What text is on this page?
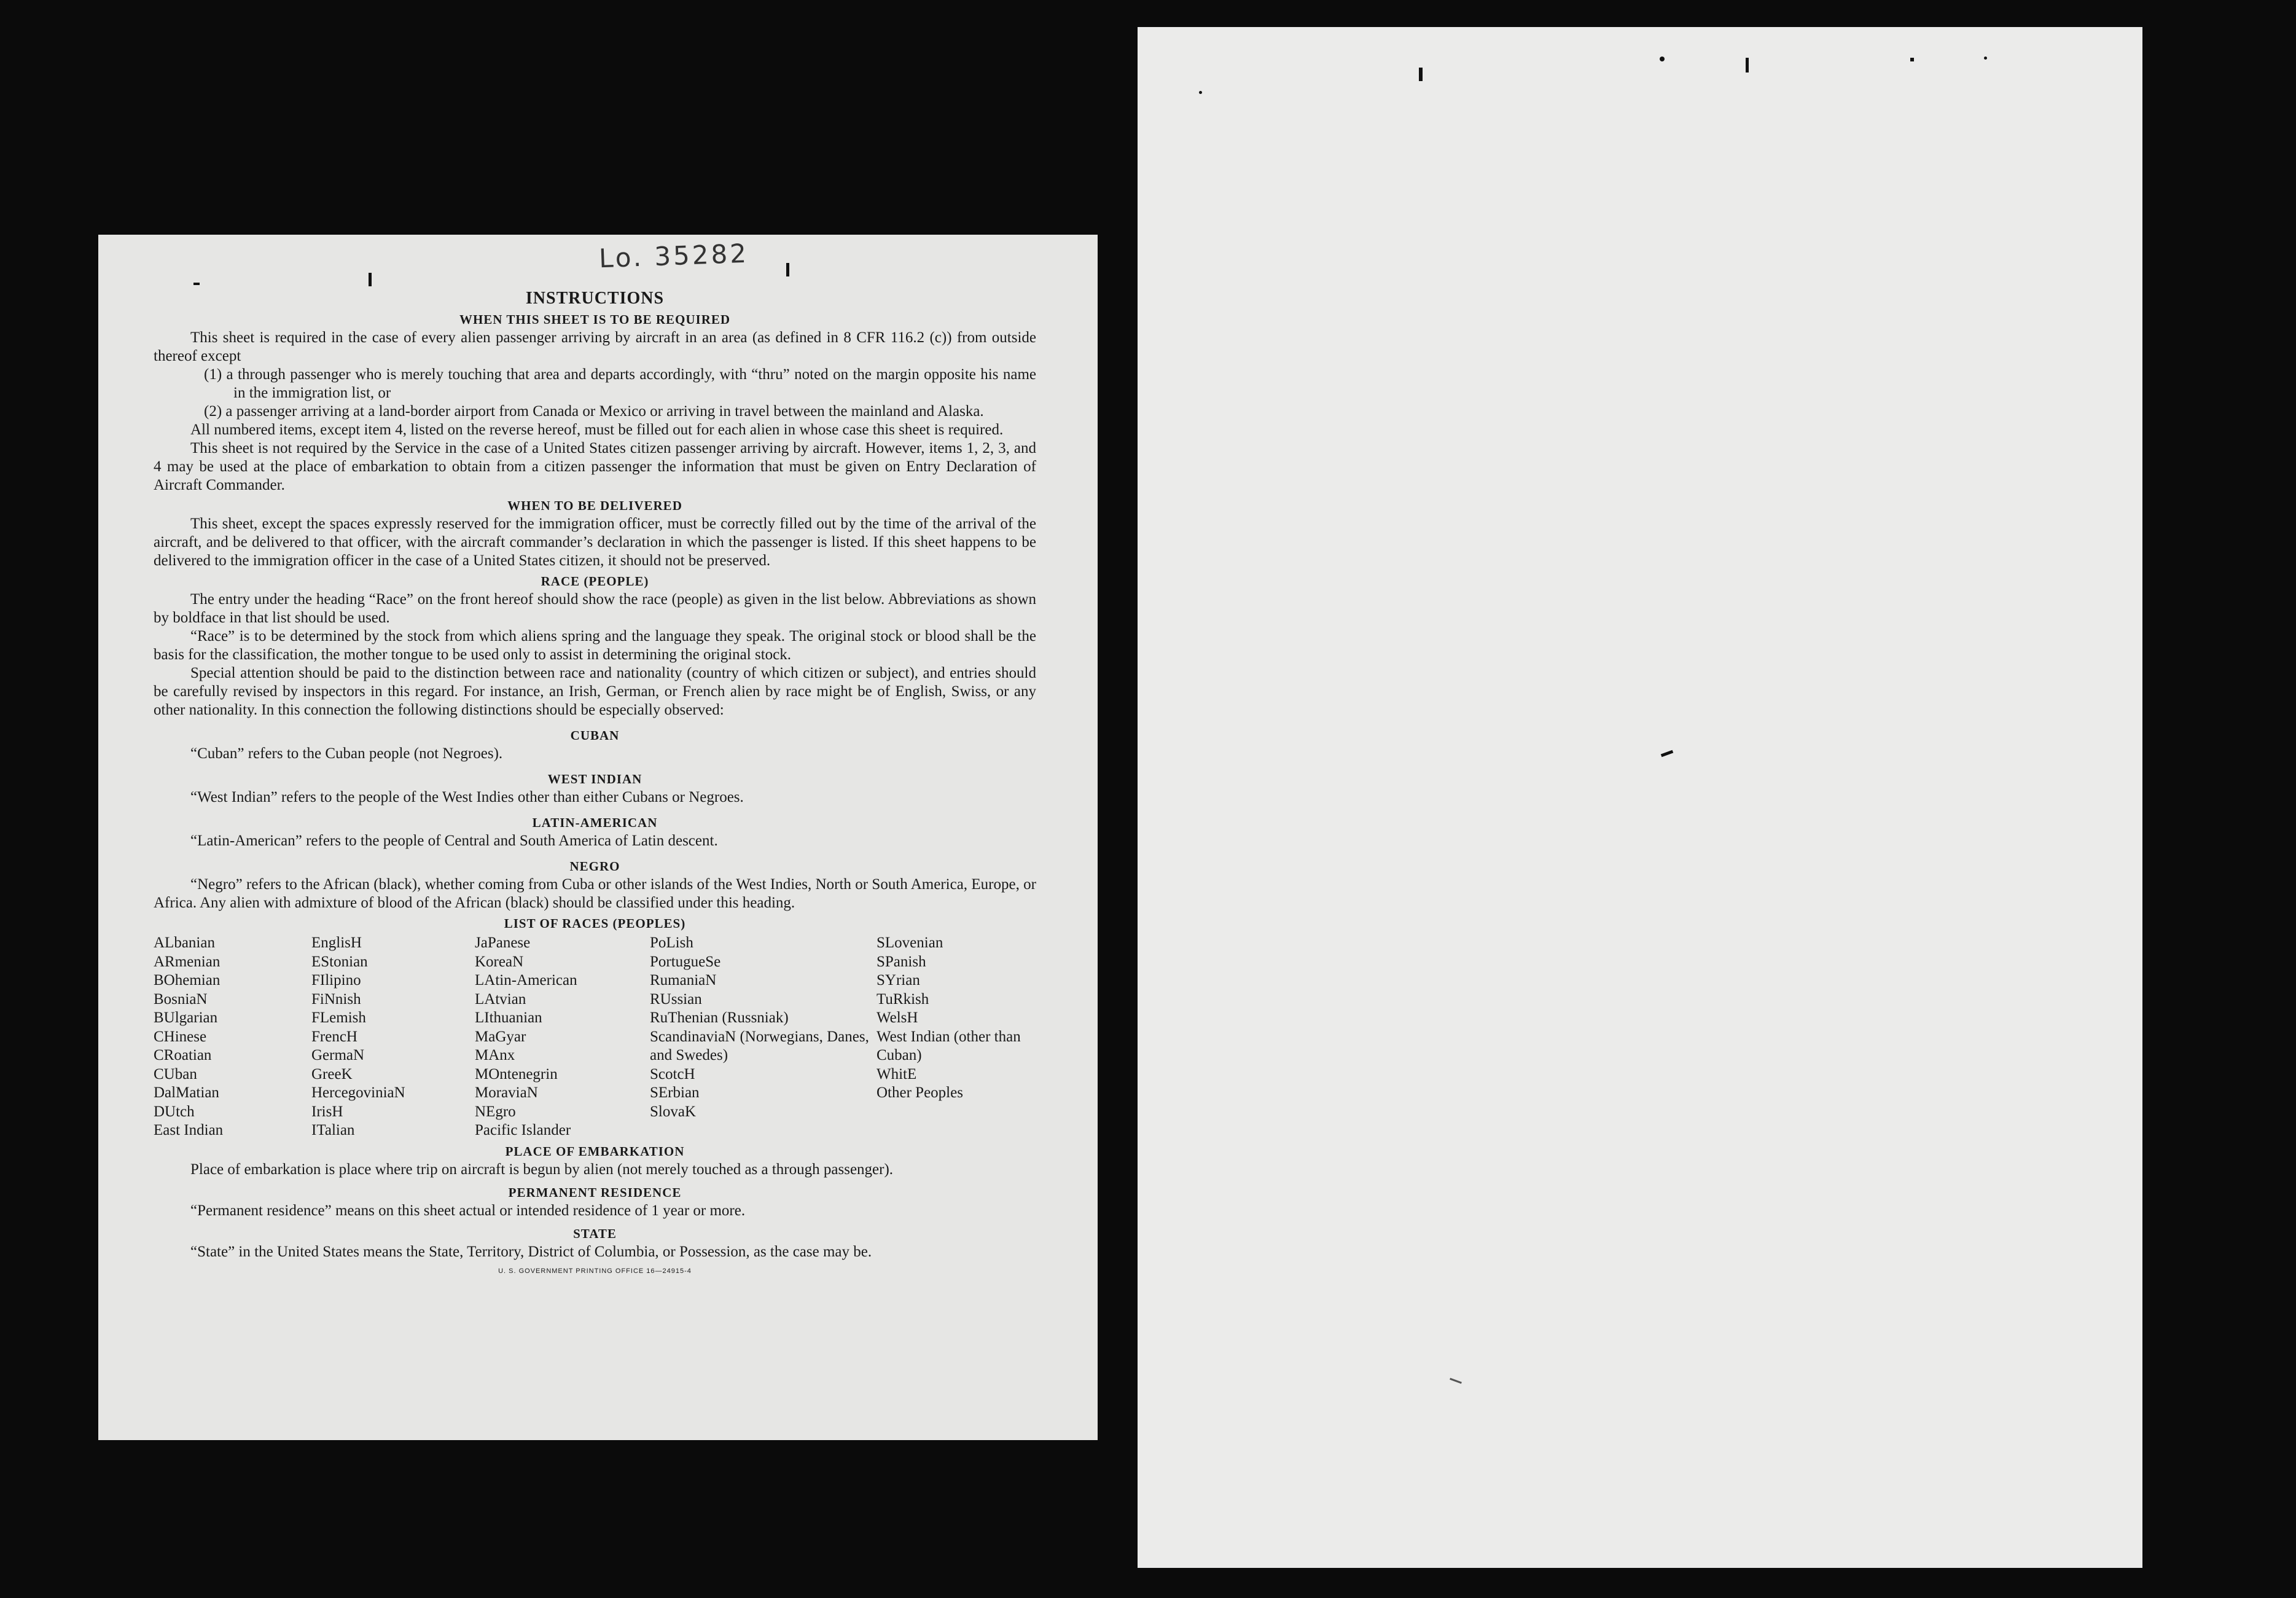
Lo. 35282
INSTRUCTIONS
WHEN THIS SHEET IS TO BE REQUIRED

This sheet is required in the case of every alien passenger arriving by aircraft in an area (as defined in 8 CFR 116.2 (c)) from outside thereof except

(1) a through passenger who is merely touching that area and departs accordingly, with “thru” noted on the margin opposite his name in the immigration list, or

(2) a passenger arriving at a land-border airport from Canada or Mexico or arriving in travel between the mainland and Alaska.

All numbered items, except item 4, listed on the reverse hereof, must be filled out for each alien in whose case this sheet is required.

This sheet is not required by the Service in the case of a United States citizen passenger arriving by aircraft. However, items 1, 2, 3, and 4 may be used at the place of embarkation to obtain from a citizen passenger the information that must be given on Entry Declaration of Aircraft Commander.

WHEN TO BE DELIVERED

This sheet, except the spaces expressly reserved for the immigration officer, must be correctly filled out by the time of the arrival of the aircraft, and be delivered to that officer, with the aircraft commander’s declaration in which the passenger is listed. If this sheet happens to be delivered to the immigration officer in the case of a United States citizen, it should not be preserved.

RACE (PEOPLE)

The entry under the heading “Race” on the front hereof should show the race (people) as given in the list below. Abbreviations as shown by boldface in that list should be used.

“Race” is to be determined by the stock from which aliens spring and the language they speak. The original stock or blood shall be the basis for the classification, the mother tongue to be used only to assist in determining the original stock.

Special attention should be paid to the distinction between race and nationality (country of which citizen or subject), and entries should be carefully revised by inspectors in this regard. For instance, an Irish, German, or French alien by race might be of English, Swiss, or any other nationality. In this connection the following distinctions should be especially observed:

CUBAN

“Cuban” refers to the Cuban people (not Negroes).

WEST INDIAN

“West Indian” refers to the people of the West Indies other than either Cubans or Negroes.

LATIN-AMERICAN

“Latin-American” refers to the people of Central and South America of Latin descent.

NEGRO

“Negro” refers to the African (black), whether coming from Cuba or other islands of the West Indies, North or South America, Europe, or Africa. Any alien with admixture of blood of the African (black) should be classified under this heading.

LIST OF RACES (PEOPLES)
ALbanian
ARmenian
BOhemian
BosniaN
BUlgarian
CHinese
CRoatian
CUban
DalMatian
DUtch
East Indian
EnglisH
EStonian
FIlipino
FiNnish
FLemish
FrencH
GermaN
GreeK
HercegoviniaN
IrisH
ITalian
JaPanese
KoreaN
LAtin-American
LAtvian
LIthuanian
MaGyar
MAnx
MOntenegrin
MoraviaN
NEgro
Pacific Islander
PoLish
PortugueSe
RumaniaN
RUssian
RuThenian (Russniak)
ScandinaviaN (Norwegians, Danes, and Swedes)
ScotcH
SErbian
SlovaK
SLovenian
SPanish
SYrian
TuRkish
WelsH
West Indian (other than Cuban)
WhitE
Other Peoples
PLACE OF EMBARKATION

Place of embarkation is place where trip on aircraft is begun by alien (not merely touched as a through passenger).

PERMANENT RESIDENCE

“Permanent residence” means on this sheet actual or intended residence of 1 year or more.

STATE

“State” in the United States means the State, Territory, District of Columbia, or Possession, as the case may be.

U. S. GOVERNMENT PRINTING OFFICE 16—24915-4
